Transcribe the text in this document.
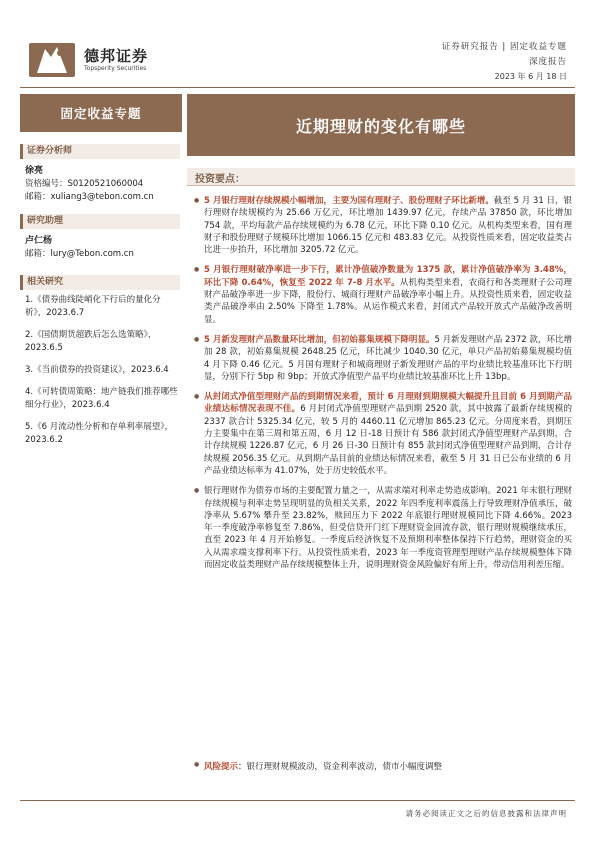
德邦证券
Topsperity Securities
证券研究报告 | 固定收益专题
深度报告
2023 年 6 月 18 日
固定收益专题
近期理财的变化有哪些
证券分析师
徐亮
资格编号：S0120521060004
邮箱：xuliang3@tebon.com.cn
研究助理
卢仁杨
邮箱：lury@Tebon.com.cn
相关研究
1.《债券曲线陡峭化下行后的量化分析》，2023.6.7
2.《国债期货超跌后怎么选策略》，2023.6.5
3.《当前债券的投资建议》，2023.6.4
4.《可转债周策略：地产链我们推荐哪些细分行业》，2023.6.4
5.《6 月流动性分析和存单利率展望》，2023.6.2
投资要点：
● 5 月银行理财存续规模小幅增加，主要为国有理财子、股份理财子环比新增。截至 5 月 31 日，银行理财存续规模约为 25.66 万亿元，环比增加 1439.97 亿元，存续产品 37850 款，环比增加 754 款，平均每款产品存续规模约为 6.78 亿元，环比下降 0.10 亿元。从机构类型来看，国有理财子和股份理财子规模环比增加 1066.15 亿元和 483.83 亿元。从投资性质来看，固定收益类占比进一步抬升，环比增加 3205.72 亿元。
● 5 月银行理财破净率进一步下行，累计净值破净数量为 1375 款，累计净值破净率为 3.48%，环比下降 0.64%，恢复至 2022 年 7-8 月水平。从机构类型来看，农商行和各类理财子公司理财产品破净率进一步下降，股份行、城商行理财产品破净率小幅上升。从投资性质来看，固定收益类产品破净率由 2.50% 下降至 1.78%。从运作模式来看，封闭式产品较开放式产品破净改善明显。
● 5 月新发理财产品数量环比增加，但初始募集规模下降明显。5 月新发理财产品 2372 款，环比增加 28 款，初始募集规模 2648.25 亿元，环比减少 1040.30 亿元，单只产品初始募集规模均值 4 月下降 0.46 亿元。5 月国有理财子和城商理财子新发理财产品的平均业绩比较基准环比下行明显，分别下行 5bp 和 9bp；开放式净值型产品平均业绩比较基准环比上升 13bp。
● 从封闭式净值型理财产品的到期情况来看，预计 6 月理财到期规模大幅提升且目前 6 月到期产品业绩达标情况表现不佳。6 月封闭式净值型理财产品到期 2520 款，其中披露了最新存续规模的 2337 款合计 5325.34 亿元，较 5 月的 4460.11 亿元增加 865.23 亿元。分周度来看，到期压力主要集中在第三周和第五周，6 月 12 日-18 日预计有 586 款封闭式净值型理财产品到期，合计存续规模 1226.87 亿元，6 月 26 日-30 日预计有 855 款封闭式净值型理财产品到期，合计存续规模 2056.35 亿元。从到期产品目前的业绩达标情况来看，截至 5 月 31 日已公布业绩的 6 月产品业绩达标率为 41.07%，处于历史较低水平。
● 银行理财作为债券市场的主要配置力量之一，从需求端对利率走势造成影响。2021 年末银行理财存续规模与利率走势呈现明显的负相关关系，2022 年四季度利率震荡上行导致理财净值承压，破净率从 5.67% 攀升至 23.82%，赎回压力下 2022 年底银行理财规模同比下降 4.66%。2023 年一季度破净率修复至 7.86%，但受信贷开门红下理财资金回流存款，银行理财规模继续承压，直至 2023 年 4 月开始修复。一季度后经济恢复不及预期利率整体保持下行趋势，理财资金的买入从需求端支撑利率下行。从投资性质来看，2023 年一季度资管理型理财产品存续规模整体下降而固定收益类理财产品存续规模整体上升，说明理财资金风险偏好有所上升，带动信用利差压缩。
● 风险提示：银行理财规模波动，资金利率波动，债市小幅度调整
请务必阅读正文之后的信息披露和法律声明
